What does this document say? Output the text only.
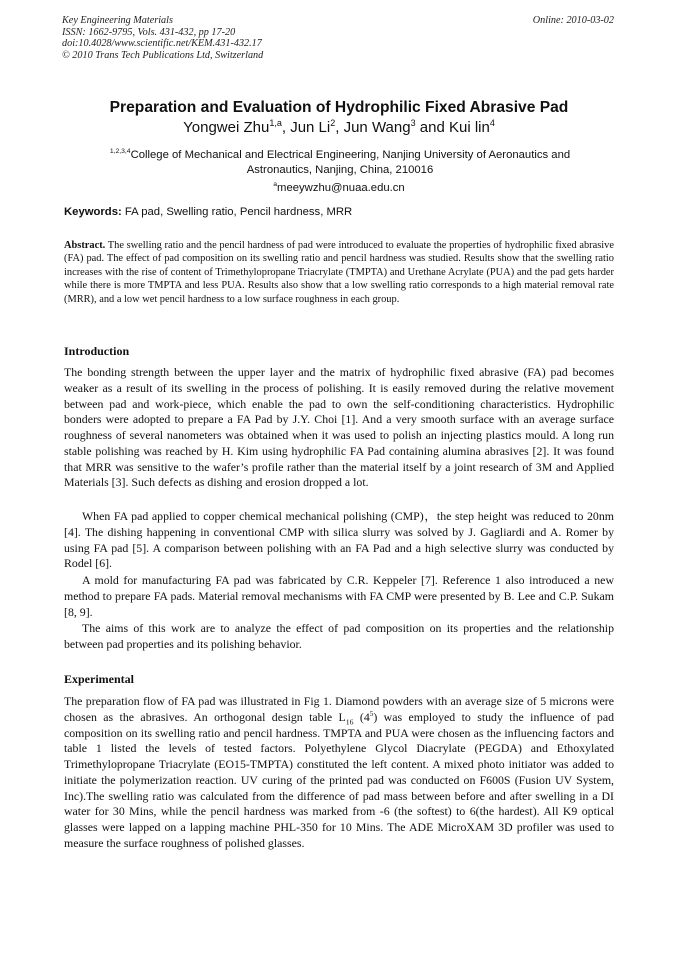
Key Engineering Materials
ISSN: 1662-9795, Vols. 431-432, pp 17-20
doi:10.4028/www.scientific.net/KEM.431-432.17
© 2010 Trans Tech Publications Ltd, Switzerland
Online: 2010-03-02
Preparation and Evaluation of Hydrophilic Fixed Abrasive Pad
Yongwei Zhu$^{1,a}$, Jun Li$^2$, Jun Wang$^3$ and Kui lin$^4$
$^{1,2,3,4}$College of Mechanical and Electrical Engineering, Nanjing University of Aeronautics and Astronautics, Nanjing, China, 210016
$^a$meeywzhu@nuaa.edu.cn
Keywords: FA pad, Swelling ratio, Pencil hardness, MRR
Abstract. The swelling ratio and the pencil hardness of pad were introduced to evaluate the properties of hydrophilic fixed abrasive (FA) pad. The effect of pad composition on its swelling ratio and pencil hardness was studied. Results show that the swelling ratio increases with the rise of content of Trimethylopropane Triacrylate (TMPTA) and Urethane Acrylate (PUA) and the pad gets harder while there is more TMPTA and less PUA. Results also show that a low swelling ratio corresponds to a high material removal rate (MRR), and a low wet pencil hardness to a low surface roughness in each group.
Introduction
The bonding strength between the upper layer and the matrix of hydrophilic fixed abrasive (FA) pad becomes weaker as a result of its swelling in the process of polishing. It is easily removed during the relative movement between pad and work-piece, which enable the pad to own the self-conditioning characteristics. Hydrophilic bonders were adopted to prepare a FA Pad by J.Y. Choi [1]. And a very smooth surface with an average surface roughness of several nanometers was obtained when it was used to polish an injecting plastics mould. A long run stable polishing was reached by H. Kim using hydrophilic FA Pad containing alumina abrasives [2]. It was found that MRR was sensitive to the wafer’s profile rather than the material itself by a joint research of 3M and Applied Materials [3]. Such defects as dishing and erosion dropped a lot.
When FA pad applied to copper chemical mechanical polishing (CMP)，the step height was reduced to 20nm [4]. The dishing happening in conventional CMP with silica slurry was solved by J. Gagliardi and A. Romer by using FA pad [5]. A comparison between polishing with an FA Pad and a high selective slurry was conducted by Rodel [6].
A mold for manufacturing FA pad was fabricated by C.R. Keppeler [7]. Reference 1 also introduced a new method to prepare FA pads. Material removal mechanisms with FA CMP were presented by B. Lee and C.P. Sukam [8, 9].
The aims of this work are to analyze the effect of pad composition on its properties and the relationship between pad properties and its polishing behavior.
Experimental
The preparation flow of FA pad was illustrated in Fig 1. Diamond powders with an average size of 5 microns were chosen as the abrasives. An orthogonal design table $L_{16}$ $(4^5)$ was employed to study the influence of pad composition on its swelling ratio and pencil hardness. TMPTA and PUA were chosen as the influencing factors and table 1 listed the levels of tested factors. Polyethylene Glycol Diacrylate (PEGDA) and Ethoxylated Trimethylopropane Triacrylate (EO15-TMPTA) constituted the left content. A mixed photo initiator was added to initiate the polymerization reaction. UV curing of the printed pad was conducted on F600S (Fusion UV System, Inc).The swelling ratio was calculated from the difference of pad mass between before and after swelling in a DI water for 30 Mins, while the pencil hardness was marked from -6 (the softest) to 6(the hardest). All K9 optical glasses were lapped on a lapping machine PHL-350 for 10 Mins. The ADE MicroXAM 3D profiler was used to measure the surface roughness of polished glasses.
